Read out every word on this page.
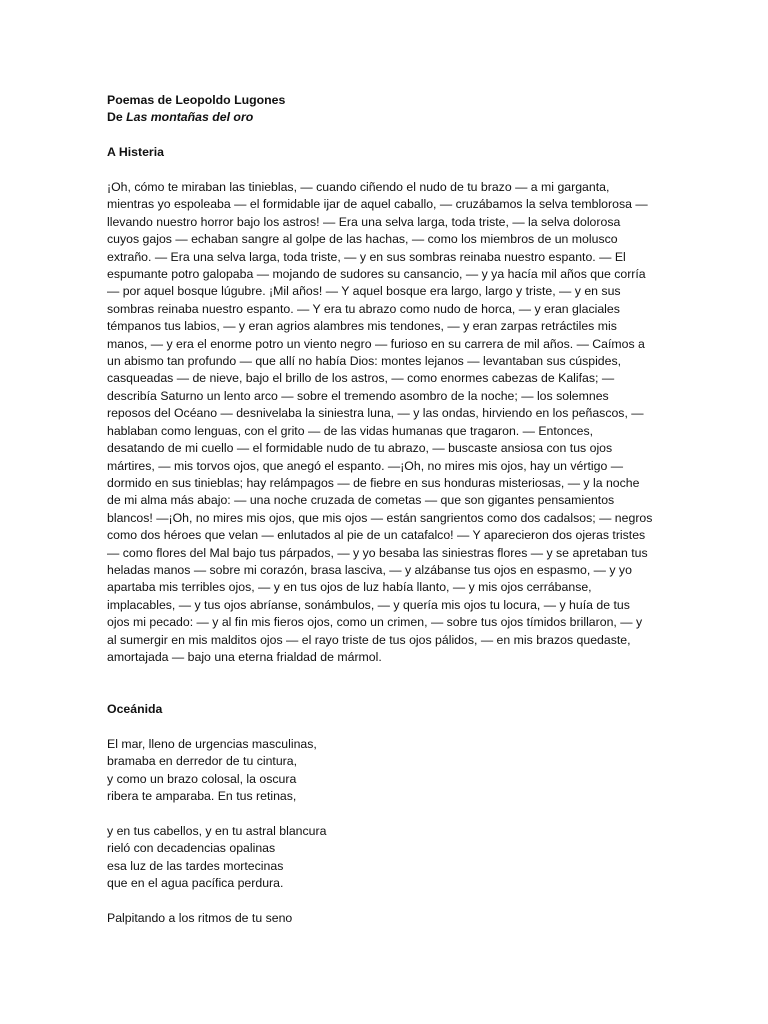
Poemas de Leopoldo Lugones
De Las montañas del oro
A Histeria
¡Oh, cómo te miraban las tinieblas, — cuando ciñendo el nudo de tu brazo — a mi garganta,
mientras yo espoleaba — el formidable ijar de aquel caballo, — cruzábamos la selva temblorosa —
llevando nuestro horror bajo los astros! — Era una selva larga, toda triste, — la selva dolorosa
cuyos gajos — echaban sangre al golpe de las hachas, — como los miembros de un molusco
extraño. — Era una selva larga, toda triste, — y en sus sombras reinaba nuestro espanto. — El
espumante potro galopaba — mojando de sudores su cansancio, — y ya hacía mil años que corría
— por aquel bosque lúgubre. ¡Mil años! — Y aquel bosque era largo, largo y triste, — y en sus
sombras reinaba nuestro espanto. — Y era tu abrazo como nudo de horca, — y eran glaciales
témpanos tus labios, — y eran agrios alambres mis tendones, — y eran zarpas retráctiles mis
manos, — y era el enorme potro un viento negro — furioso en su carrera de mil años. — Caímos a
un abismo tan profundo — que allí no había Dios: montes lejanos — levantaban sus cúspides,
casqueadas — de nieve, bajo el brillo de los astros, — como enormes cabezas de Kalifas; —
describía Saturno un lento arco — sobre el tremendo asombro de la noche; — los solemnes
reposos del Océano — desnivelaba la siniestra luna, — y las ondas, hirviendo en los peñascos, —
hablaban como lenguas, con el grito — de las vidas humanas que tragaron. — Entonces,
desatando de mi cuello — el formidable nudo de tu abrazo, — buscaste ansiosa con tus ojos
mártires, — mis torvos ojos, que anegó el espanto. —¡Oh, no mires mis ojos, hay un vértigo —
dormido en sus tinieblas; hay relámpagos — de fiebre en sus honduras misteriosas, — y la noche
de mi alma más abajo: — una noche cruzada de cometas — que son gigantes pensamientos
blancos! —¡Oh, no mires mis ojos, que mis ojos — están sangrientos como dos cadalsos; — negros
como dos héroes que velan — enlutados al pie de un catafalco! — Y aparecieron dos ojeras tristes
— como flores del Mal bajo tus párpados, — y yo besaba las siniestras flores — y se apretaban tus
heladas manos — sobre mi corazón, brasa lasciva, — y alzábanse tus ojos en espasmo, — y yo
apartaba mis terribles ojos, — y en tus ojos de luz había llanto, — y mis ojos cerrábanse,
implacables, — y tus ojos abríanse, sonámbulos, — y quería mis ojos tu locura, — y huía de tus
ojos mi pecado: — y al fin mis fieros ojos, como un crimen, — sobre tus ojos tímidos brillaron, — y
al sumergir en mis malditos ojos — el rayo triste de tus ojos pálidos, — en mis brazos quedaste,
amortajada — bajo una eterna frialdad de mármol.
Oceánida
El mar, lleno de urgencias masculinas,
bramaba en derredor de tu cintura,
y como un brazo colosal, la oscura
ribera te amparaba. En tus retinas,
y en tus cabellos, y en tu astral blancura
rieló con decadencias opalinas
esa luz de las tardes mortecinas
que en el agua pacífica perdura.
Palpitando a los ritmos de tu seno
